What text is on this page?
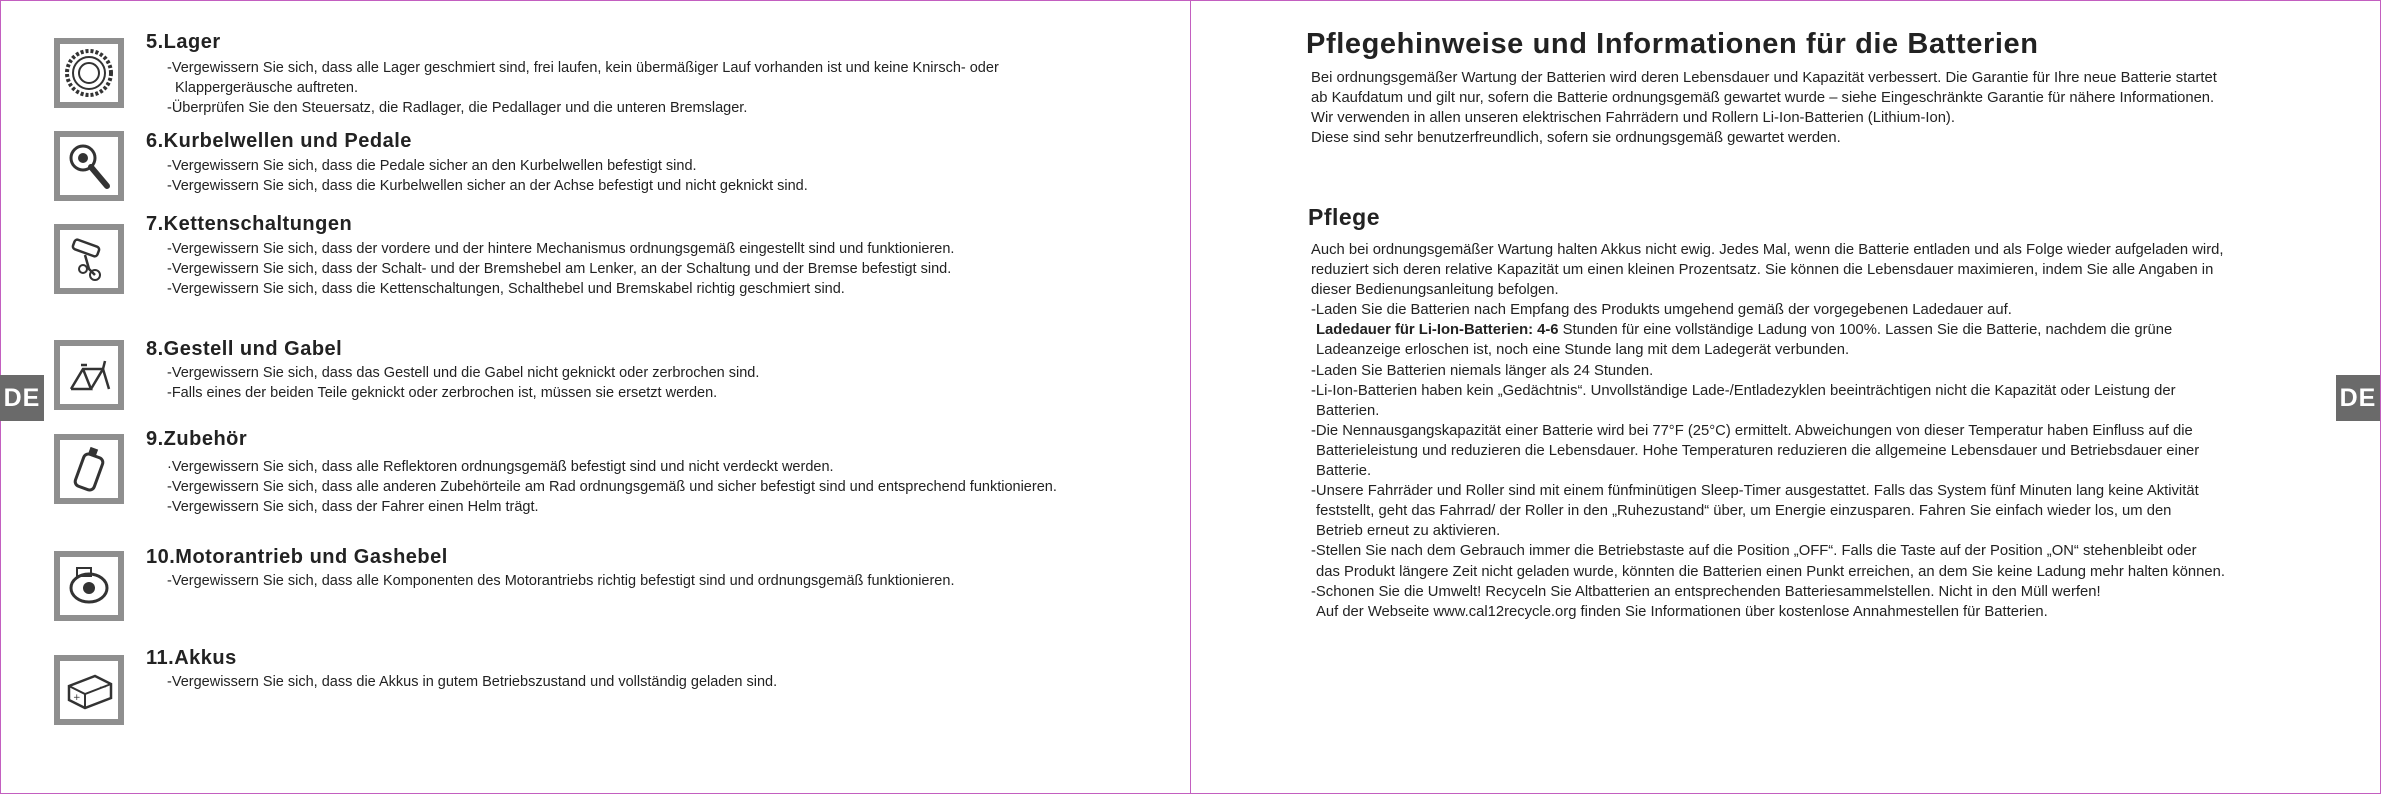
DE	DE
5.Lager
-Vergewissern Sie sich, dass alle Lager geschmiert sind, frei laufen, kein übermäßiger Lauf vorhanden ist und keine Knirsch- oder
Klappergeräusche auftreten.
-Überprüfen Sie den Steuersatz, die Radlager, die Pedallager und die unteren Bremslager.
6.Kurbelwellen und Pedale
-Vergewissern Sie sich, dass die Pedale sicher an den Kurbelwellen befestigt sind.
-Vergewissern Sie sich, dass die Kurbelwellen sicher an der Achse befestigt und nicht geknickt sind.
7.Kettenschaltungen
-Vergewissern Sie sich, dass der vordere und der hintere Mechanismus ordnungsgemäß eingestellt sind und funktionieren.
-Vergewissern Sie sich, dass der Schalt- und der Bremshebel am Lenker, an der Schaltung und der Bremse befestigt sind.
-Vergewissern Sie sich, dass die Kettenschaltungen, Schalthebel und Bremskabel richtig geschmiert sind.
8.Gestell und Gabel
-Vergewissern Sie sich, dass das Gestell und die Gabel nicht geknickt oder zerbrochen sind.
-Falls eines der beiden Teile geknickt oder zerbrochen ist, müssen sie ersetzt werden.
9.Zubehör
·Vergewissern Sie sich, dass alle Reflektoren ordnungsgemäß befestigt sind und nicht verdeckt werden.
-Vergewissern Sie sich, dass alle anderen Zubehörteile am Rad ordnungsgemäß und sicher befestigt sind und entsprechend funktionieren.
-Vergewissern Sie sich, dass der Fahrer einen Helm trägt.
10.Motorantrieb und Gashebel
-Vergewissern Sie sich, dass alle Komponenten des Motorantriebs richtig befestigt sind und ordnungsgemäß funktionieren.
+
−
11.Akkus
-Vergewissern Sie sich, dass die Akkus in gutem Betriebszustand und vollständig geladen sind.
Pflegehinweise und Informationen für die Batterien
Bei ordnungsgemäßer Wartung der Batterien wird deren Lebensdauer und Kapazität verbessert. Die Garantie für Ihre neue Batterie startet
ab Kaufdatum und gilt nur, sofern die Batterie ordnungsgemäß gewartet wurde – siehe Eingeschränkte Garantie für nähere Informationen.
Wir verwenden in allen unseren elektrischen Fahrrädern und Rollern Li-Ion-Batterien (Lithium-Ion).
Diese sind sehr benutzerfreundlich, sofern sie ordnungsgemäß gewartet werden.
Pflege
Auch bei ordnungsgemäßer Wartung halten Akkus nicht ewig. Jedes Mal, wenn die Batterie entladen und als Folge wieder aufgeladen wird,
reduziert sich deren relative Kapazität um einen kleinen Prozentsatz. Sie können die Lebensdauer maximieren, indem Sie alle Angaben in
dieser Bedienungsanleitung befolgen.
-Laden Sie die Batterien nach Empfang des Produkts umgehend gemäß der vorgegebenen Ladedauer auf.
Ladedauer für Li-Ion-Batterien: 4-6 Stunden für eine vollständige Ladung von 100%. Lassen Sie die Batterie, nachdem die grüne
Ladeanzeige erloschen ist, noch eine Stunde lang mit dem Ladegerät verbunden.
-Laden Sie Batterien niemals länger als 24 Stunden.
-Li-Ion-Batterien haben kein „Gedächtnis“. Unvollständige Lade-/Entladezyklen beeinträchtigen nicht die Kapazität oder Leistung der
Batterien.
-Die Nennausgangskapazität einer Batterie wird bei 77°F (25°C) ermittelt. Abweichungen von dieser Temperatur haben Einfluss auf die
Batterieleistung und reduzieren die Lebensdauer. Hohe Temperaturen reduzieren die allgemeine Lebensdauer und Betriebsdauer einer
Batterie.
-Unsere Fahrräder und Roller sind mit einem fünfminütigen Sleep-Timer ausgestattet. Falls das System fünf Minuten lang keine Aktivität
feststellt, geht das Fahrrad/ der Roller in den „Ruhezustand“ über, um Energie einzusparen. Fahren Sie einfach wieder los, um den
Betrieb erneut zu aktivieren.
-Stellen Sie nach dem Gebrauch immer die Betriebstaste auf die Position „OFF“. Falls die Taste auf der Position „ON“ stehenbleibt oder
das Produkt längere Zeit nicht geladen wurde, könnten die Batterien einen Punkt erreichen, an dem Sie keine Ladung mehr halten können.
-Schonen Sie die Umwelt! Recyceln Sie Altbatterien an entsprechenden Batteriesammelstellen. Nicht in den Müll werfen!
Auf der Webseite www.cal12recycle.org finden Sie Informationen über kostenlose Annahmestellen für Batterien.
